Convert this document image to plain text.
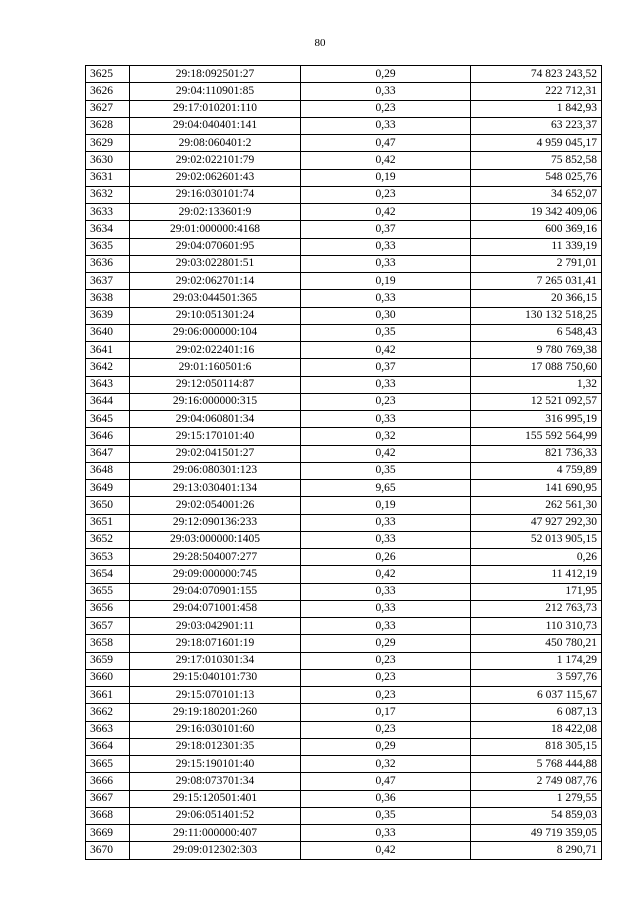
80
3625	29:18:092501:27	0,29	74 823 243,52
3626	29:04:110901:85	0,33	222 712,31
3627	29:17:010201:110	0,23	1 842,93
3628	29:04:040401:141	0,33	63 223,37
3629	29:08:060401:2	0,47	4 959 045,17
3630	29:02:022101:79	0,42	75 852,58
3631	29:02:062601:43	0,19	548 025,76
3632	29:16:030101:74	0,23	34 652,07
3633	29:02:133601:9	0,42	19 342 409,06
3634	29:01:000000:4168	0,37	600 369,16
3635	29:04:070601:95	0,33	11 339,19
3636	29:03:022801:51	0,33	2 791,01
3637	29:02:062701:14	0,19	7 265 031,41
3638	29:03:044501:365	0,33	20 366,15
3639	29:10:051301:24	0,30	130 132 518,25
3640	29:06:000000:104	0,35	6 548,43
3641	29:02:022401:16	0,42	9 780 769,38
3642	29:01:160501:6	0,37	17 088 750,60
3643	29:12:050114:87	0,33	1,32
3644	29:16:000000:315	0,23	12 521 092,57
3645	29:04:060801:34	0,33	316 995,19
3646	29:15:170101:40	0,32	155 592 564,99
3647	29:02:041501:27	0,42	821 736,33
3648	29:06:080301:123	0,35	4 759,89
3649	29:13:030401:134	9,65	141 690,95
3650	29:02:054001:26	0,19	262 561,30
3651	29:12:090136:233	0,33	47 927 292,30
3652	29:03:000000:1405	0,33	52 013 905,15
3653	29:28:504007:277	0,26	0,26
3654	29:09:000000:745	0,42	11 412,19
3655	29:04:070901:155	0,33	171,95
3656	29:04:071001:458	0,33	212 763,73
3657	29:03:042901:11	0,33	110 310,73
3658	29:18:071601:19	0,29	450 780,21
3659	29:17:010301:34	0,23	1 174,29
3660	29:15:040101:730	0,23	3 597,76
3661	29:15:070101:13	0,23	6 037 115,67
3662	29:19:180201:260	0,17	6 087,13
3663	29:16:030101:60	0,23	18 422,08
3664	29:18:012301:35	0,29	818 305,15
3665	29:15:190101:40	0,32	5 768 444,88
3666	29:08:073701:34	0,47	2 749 087,76
3667	29:15:120501:401	0,36	1 279,55
3668	29:06:051401:52	0,35	54 859,03
3669	29:11:000000:407	0,33	49 719 359,05
3670	29:09:012302:303	0,42	8 290,71
